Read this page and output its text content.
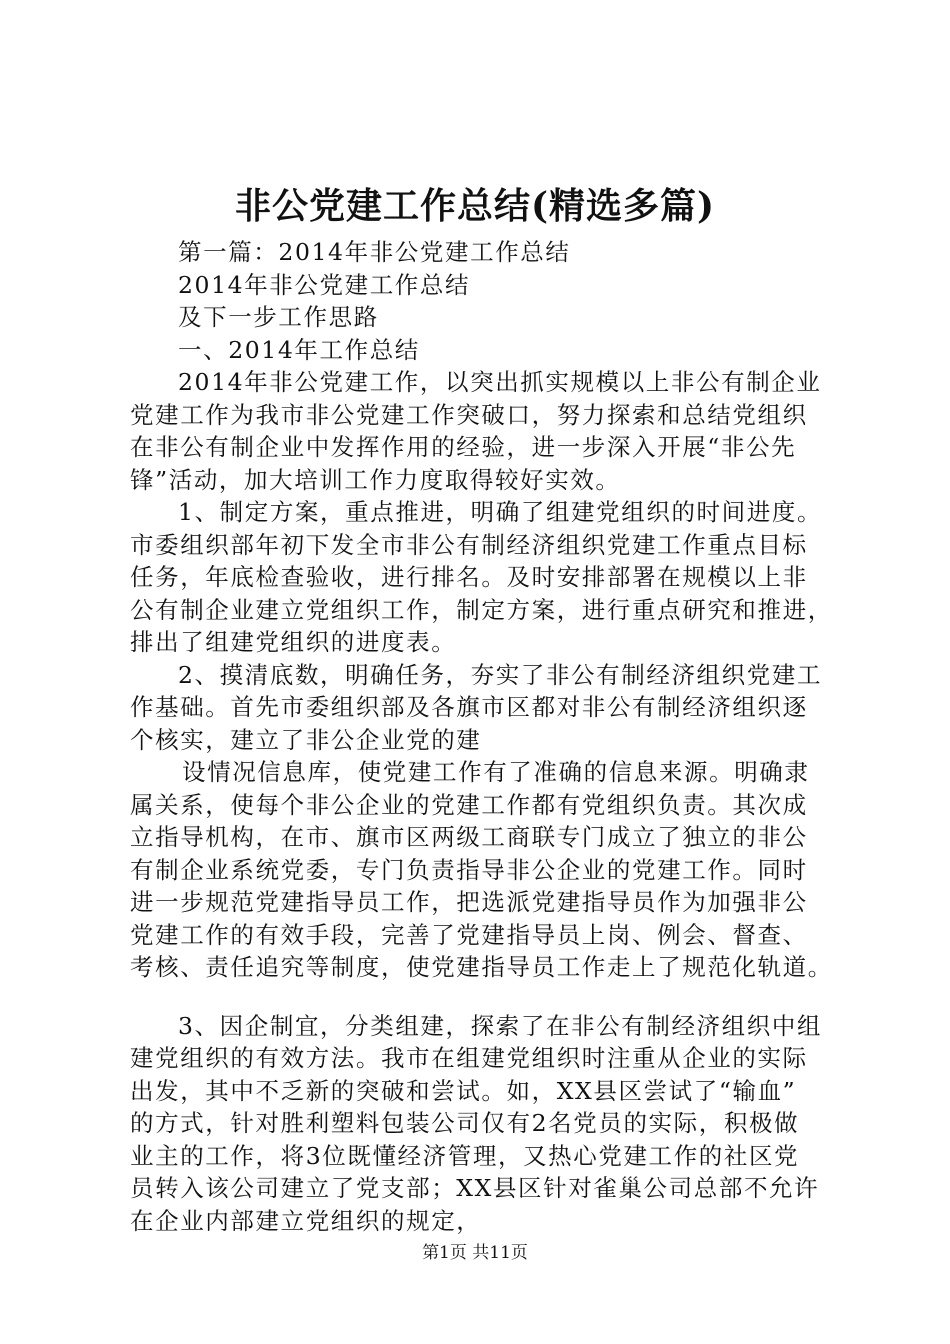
非公党建工作总结(精选多篇)
第一篇：2014年非公党建工作总结
2014年非公党建工作总结
及下一步工作思路
一、2014年工作总结
2014年非公党建工作，以突出抓实规模以上非公有制企业
党建工作为我市非公党建工作突破口，努力探索和总结党组织
在非公有制企业中发挥作用的经验，进一步深入开展“非公先
锋”活动，加大培训工作力度取得较好实效。
1、制定方案，重点推进，明确了组建党组织的时间进度。
市委组织部年初下发全市非公有制经济组织党建工作重点目标
任务，年底检查验收，进行排名。及时安排部署在规模以上非
公有制企业建立党组织工作，制定方案，进行重点研究和推进，
排出了组建党组织的进度表。
2、摸清底数，明确任务，夯实了非公有制经济组织党建工
作基础。首先市委组织部及各旗市区都对非公有制经济组织逐
个核实，建立了非公企业党的建
设情况信息库，使党建工作有了准确的信息来源。明确隶
属关系，使每个非公企业的党建工作都有党组织负责。其次成
立指导机构，在市、旗市区两级工商联专门成立了独立的非公
有制企业系统党委，专门负责指导非公企业的党建工作。同时
进一步规范党建指导员工作，把选派党建指导员作为加强非公
党建工作的有效手段，完善了党建指导员上岗、例会、督查、
考核、责任追究等制度，使党建指导员工作走上了规范化轨道。
3、因企制宜，分类组建，探索了在非公有制经济组织中组
建党组织的有效方法。我市在组建党组织时注重从企业的实际
出发，其中不乏新的突破和尝试。如，XX县区尝试了“输血”
的方式，针对胜利塑料包装公司仅有2名党员的实际，积极做
业主的工作，将3位既懂经济管理，又热心党建工作的社区党
员转入该公司建立了党支部；XX县区针对雀巢公司总部不允许
在企业内部建立党组织的规定，
第1页 共11页
